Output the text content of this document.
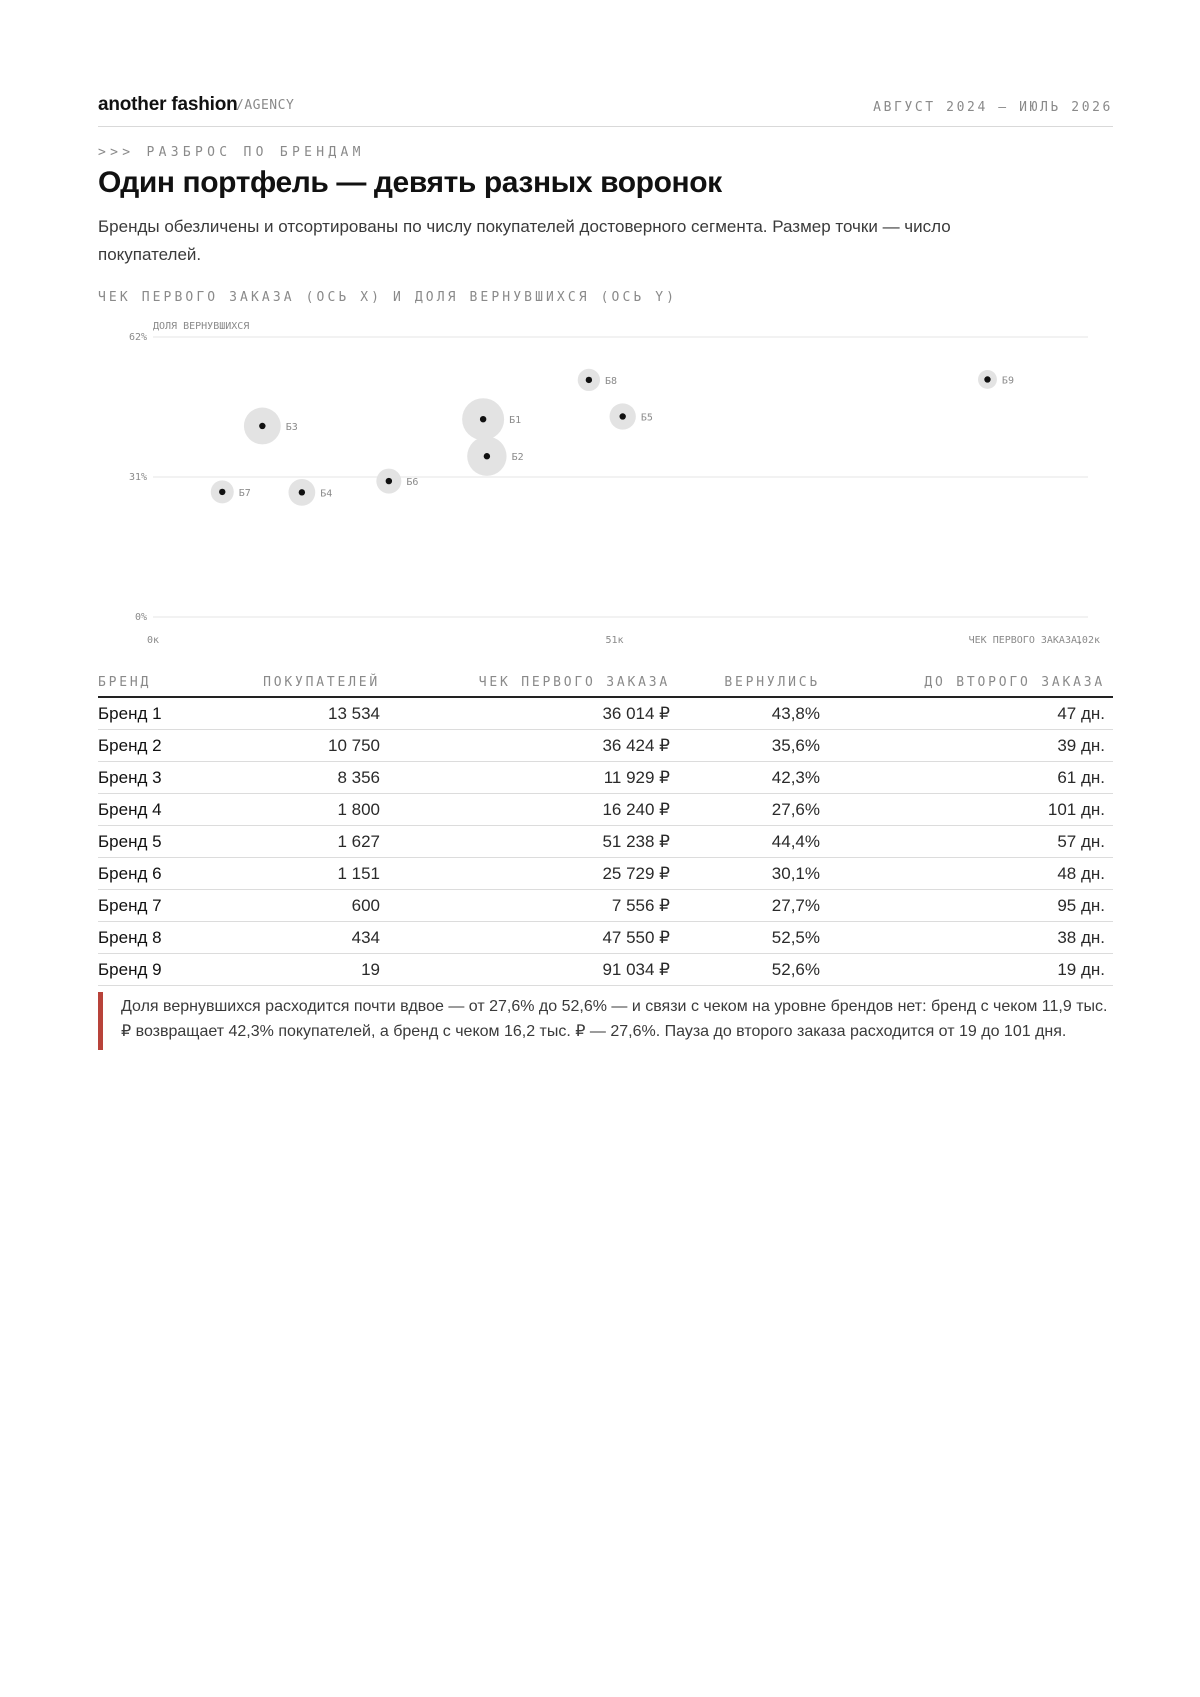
another fashion
/AGENCY	АВГУСТ 2024 — ИЮЛЬ 2026
>>> РАЗБРОС ПО БРЕНДАМ
Один портфель — девять разных воронок

Бренды обезличены и отсортированы по числу покупателей достоверного сегмента. Размер точки — число покупателей.

ЧЕК ПЕРВОГО ЗАКАЗА (ОСЬ X) И ДОЛЯ ВЕРНУВШИХСЯ (ОСЬ Y)
0%
31%
62%
ДОЛЯ ВЕРНУВШИХСЯ
0к	51к	102к
ЧЕК ПЕРВОГО ЗАКАЗА,
Б1
Б2
Б3
Б4
Б5
Б6
Б7
Б8	Б9
БРЕНД	ПОКУПАТЕЛЕЙ	ЧЕК ПЕРВОГО ЗАКАЗА	ВЕРНУЛИСЬ	ДО ВТОРОГО ЗАКАЗА
Бренд 1	13 534	36 014 ₽	43,8%	47 дн.
Бренд 2	10 750	36 424 ₽	35,6%	39 дн.
Бренд 3	8 356	11 929 ₽	42,3%	61 дн.
Бренд 4	1 800	16 240 ₽	27,6%	101 дн.
Бренд 5	1 627	51 238 ₽	44,4%	57 дн.
Бренд 6	1 151	25 729 ₽	30,1%	48 дн.
Бренд 7	600	7 556 ₽	27,7%	95 дн.
Бренд 8	434	47 550 ₽	52,5%	38 дн.
Бренд 9	19	91 034 ₽	52,6%	19 дн.
Доля вернувшихся расходится почти вдвое — от 27,6% до 52,6% — и связи с чеком на уровне брендов нет: бренд с чеком 11,9 тыс. ₽ возвращает 42,3% покупателей, а бренд с чеком 16,2 тыс. ₽ — 27,6%. Пауза до второго заказа расходится от 19 до 101 дня.
